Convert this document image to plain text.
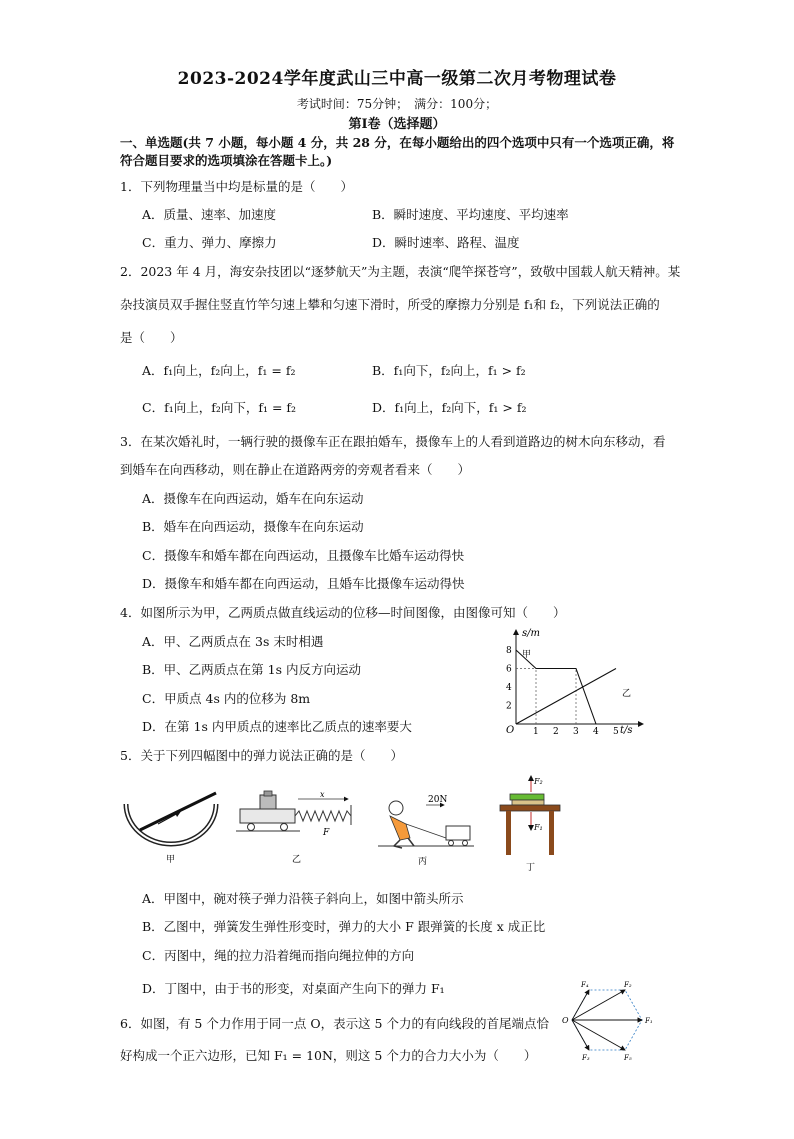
2023-2024学年度武山三中高一级第二次月考物理试卷
考试时间：75分钟；　满分：100分；
第Ⅰ卷（选择题）
一、单选题(共 7 小题，每小题 4 分，共 28 分，在每小题给出的四个选项中只有一个选项正确，将
符合题目要求的选项填涂在答题卡上。)
1．下列物理量当中均是标量的是（　　）
A．质量、速率、加速度	B．瞬时速度、平均速度、平均速率
C．重力、弹力、摩擦力	D．瞬时速率、路程、温度
2．2023 年 4 月，海安杂技团以“逐梦航天”为主题，表演“爬竿探苍穹”，致敬中国载人航天精神。某
杂技演员双手握住竖直竹竿匀速上攀和匀速下滑时，所受的摩擦力分别是 f₁和 f₂，下列说法正确的
是（　　）
A．f₁向上，f₂向上，f₁ = f₂	B．f₁向下，f₂向上，f₁ > f₂
C．f₁向上，f₂向下，f₁ = f₂	D．f₁向上，f₂向下，f₁ > f₂
3．在某次婚礼时，一辆行驶的摄像车正在跟拍婚车，摄像车上的人看到道路边的树木向东移动，看
到婚车在向西移动，则在静止在道路两旁的旁观者看来（　　）
A．摄像车在向西运动，婚车在向东运动
B．婚车在向西运动，摄像车在向东运动
C．摄像车和婚车都在向西运动，且摄像车比婚车运动得快
D．摄像车和婚车都在向西运动，且婚车比摄像车运动得快
4．如图所示为甲，乙两质点做直线运动的位移—时间图像，由图像可知（　　）
A．甲、乙两质点在 3s 末时相遇
B．甲、乙两质点在第 1s 内反方向运动
C．甲质点 4s 内的位移为 8m
D．在第 1s 内甲质点的速率比乙质点的速率要大
8
6
4
2
1 2 3 4 5
s/m
t/s
O
甲
乙
5．关于下列四幅图中的弹力说法正确的是（　　）
甲
x
F
乙
20N
丙
F₂
F₁
丁
A．甲图中，碗对筷子弹力沿筷子斜向上，如图中箭头所示
B．乙图中，弹簧发生弹性形变时，弹力的大小 F 跟弹簧的长度 x 成正比
C．丙图中，绳的拉力沿着绳而指向绳拉伸的方向
D．丁图中，由于书的形变，对桌面产生向下的弹力 F₁
6．如图，有 5 个力作用于同一点 O，表示这 5 个力的有向线段的首尾端点恰
好构成一个正六边形，已知 F₁ = 10N，则这 5 个力的合力大小为（　　）
O
F₄	F₂
F₁
F₅
F₃
